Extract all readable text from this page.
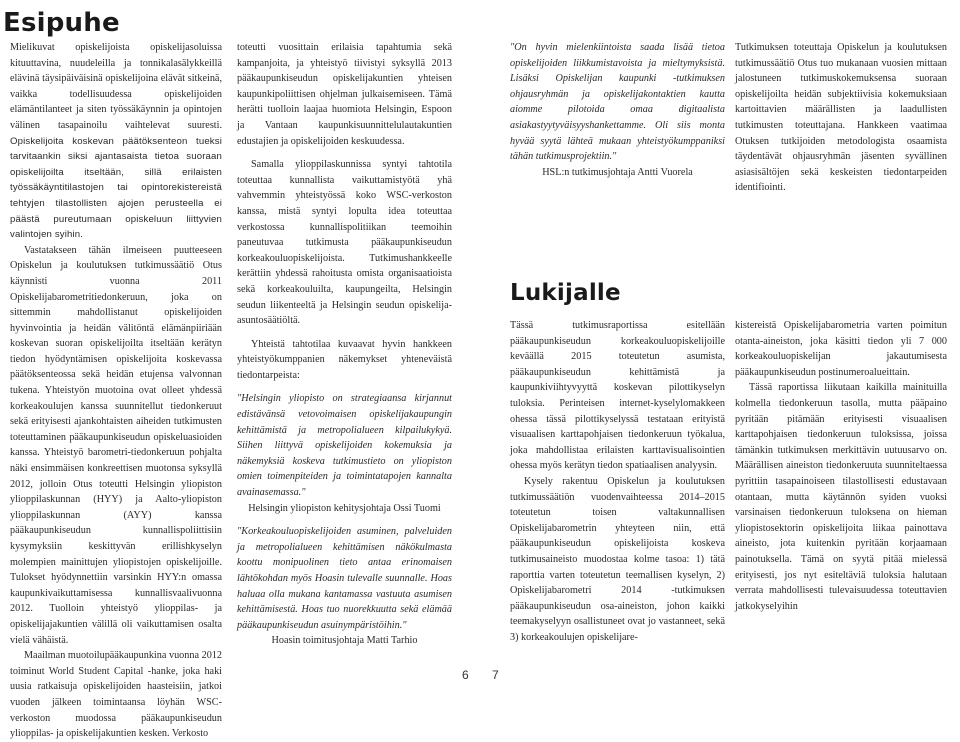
Esipuhe
Lukijalle

Mielikuvat opiskelijoista opiskelijasoluissa kituuttavina, nuudeleilla ja tonnikalasälykkeillä elävinä täysipäiväisinä opiskelijoina elävät sitkeinä, vaikka todellisuudessa opiskelijoiden elämäntilanteet ja siten työssäkäynnin ja opintojen välinen tasapainoilu vaihtelevat suuresti. Opiskelijoita koskevan päätöksenteon tueksi tarvitaankin siksi ajantasaista tietoa suoraan opiskelijoilta itseltään, sillä erilaisten työssäkäyntitilastojen tai opintorekistereistä tehtyjen tilastollisten ajojen perusteella ei päästä pureutumaan opiskeluun liittyvien valintojen syihin.

Vastatakseen tähän ilmeiseen puutteeseen Opiskelun ja koulutuksen tutkimussäätiö Otus käynnisti vuonna 2011 Opiskelijabarometritiedonkeruun, joka on sittemmin mahdollistanut opiskelijoiden hyvinvointia ja heidän välitöntä elämänpiiriään koskevan suoran opiskelijoilta itseltään kerätyn tiedon hyödyntämisen opiskelijoita koskevassa päätöksenteossa sekä heidän etujensa valvonnan tukena. Yhteistyön muotoina ovat olleet yhdessä korkeakoulujen kanssa suunnitellut tiedonkeruut sekä erityisesti ajankohtaisten aiheiden tutkimusten toteuttaminen pääkaupunkiseudun opiskeluasioiden kanssa. Yhteistyö barometri-tiedonkeruun pohjalta näki ensimmäisen konkreettisen muotonsa syksyllä 2012, jolloin Otus toteutti Helsingin yliopiston ylioppilaskunnan (HYY) ja Aalto-yliopiston ylioppilaskunnan (AYY) kanssa pääkaupunkiseudun kunnallispoliittisiin kysymyksiin keskittyvän erillishkyselyn molempien mainittujen yliopistojen opiskelijoille. Tulokset hyödynnettiin varsinkin HYY:n omassa kaupunkivaikuttamisessa kunnallisvaalivuonna 2012. Tuolloin yhteistyö ylioppilas- ja opiskelijajakuntien välillä oli vaikuttamisen osalta vielä vähäistä.

Maailman muotoilupääkaupunkina vuonna 2012 toiminut World Student Capital -hanke, joka haki uusia ratkaisuja opiskelijoiden haasteisiin, jatkoi vuoden jälkeen toimintaansa löyhän WSC-verkoston muodossa pääkaupunkiseudun ylioppilas- ja opiskelijakuntien kesken. Verkosto

toteutti vuosittain erilaisia tapahtumia sekä kampanjoita, ja yhteistyö tiivistyi syksyllä 2013 pääkaupunkiseudun opiskelijakuntien yhteisen kaupunkipoliittisen ohjelman julkaisemiseen. Tämä herätti tuolloin laajaa huomiota Helsingin, Espoon ja Vantaan kaupunkisuunnittelulautakuntien edustajien ja opiskelijoiden keskuudessa.

Samalla ylioppilaskunnissa syntyi tahtotila toteuttaa kunnallista vaikuttamistyötä yhä vahvemmin yhteistyössä koko WSC-verkoston kanssa, mistä syntyi lopulta idea toteuttaa verkostossa kunnallispolitiikan teemoihin paneutuvaa tutkimusta pääkaupunkiseudun korkeakouluopiskelijoista. Tutkimushankkeelle kerättiin yhdessä rahoitusta omista organisaatioista sekä korkeakouluilta, kaupungeilta, Helsingin seudun liikenteeltä ja Helsingin seudun opiskelija-asuntosäätiöltä.

Yhteistä tahtotilaa kuvaavat hyvin hankkeen yhteistyökumppanien näkemykset yhteneväistä tiedontarpeista:

"Helsingin yliopisto on strategiaansa kirjannut edistävänsä vetovoimaisen opiskelijakaupungin kehittämistä ja metropolialueen kilpailukykyä. Siihen liittyvä opiskelijoiden kokemuksia ja näkemyksiä koskeva tutkimustieto on yliopiston omien toimenpiteiden ja toimintatapojen kannalta avainasemassa."

Helsingin yliopiston kehitysjohtaja Ossi Tuomi

"Korkeakouluopiskelijoiden asuminen, palveluiden ja metropolialueen kehittämisen näkökulmasta koottu monipuolinen tieto antaa erinomaisen lähtökohdan myös Hoasin tulevalle suunnalle. Hoas haluaa olla mukana kantamassa vastuuta asumisen kehittämisestä. Hoas tuo nuorekkuutta sekä elämää pääkaupunkiseudun asuinympäristöihin."

Hoasin toimitusjohtaja Matti Tarhio

"On hyvin mielenkiintoista saada lisää tietoa opiskelijoiden liikkumistavoista ja mieltymyksistä. Lisäksi Opiskelijan kaupunki -tutkimuksen ohjausryhmän ja opiskelijakontaktien kautta aiomme pilotoida omaa digitaalista asiakastyytyväisyyshankettamme. Oli siis monta hyvää syytä lähteä mukaan yhteistyökumppaniksi tähän tutkimusprojektiin."

HSL:n tutkimusjohtaja Antti Vuorela

Tässä tutkimusraportissa esitellään pääkaupunkiseudun korkeakouluopiskelijoille keväällä 2015 toteutetun asumista, pääkaupunkiseudun kehittämistä ja kaupunkiviihtyvyyttä koskevan pilottikyselyn tuloksia. Perinteisen internet-kyselylomakkeen ohessa tässä pilottikyselyssä testataan erityistä visuaalisen karttapohjaisen tiedonkeruun työkalua, joka mahdollistaa erilaisten karttavisualisointien ohessa myös kerätyn tiedon spatiaalisen analyysin.

Kysely rakentuu Opiskelun ja koulutuksen tutkimussäätiön vuodenvaihteessa 2014–2015 toteutetun toisen valtakunnallisen Opiskelijabarometrin yhteyteen niin, että pääkaupunkiseudun opiskelijoista koskeva tutkimusaineisto muodostaa kolme tasoa: 1) tätä raporttia varten toteutetun teemallisen kyselyn, 2) Opiskelijabarometri 2014 -tutkimuksen pääkaupunkiseudun osa-aineiston, johon kaikki teemakyselyyn osallistuneet ovat jo vastanneet, sekä 3) korkeakoulujen opiskelijare-

Tutkimuksen toteuttaja Opiskelun ja koulutuksen tutkimussäätiö Otus tuo mukanaan vuosien mittaan jalostuneen tutkimuskokemuksensa suoraan opiskelijoilta heidän subjektiivisia kokemuksiaan kartoittavien määrällisten ja laadullisten tutkimusten toteuttajana. Hankkeen vaatimaa Otuksen tutkijoiden metodologista osaamista täydentävät ohjausryhmän jäsenten syvällinen asiasisältöjen sekä keskeisten tiedontarpeiden identifiointi.

kistereistä Opiskelijabarometria varten poimitun otanta-aineiston, joka käsitti tiedon yli 7 000 korkeakouluopiskelijan jakautumisesta pääkaupunkiseudun postinumeroalueittain.

Tässä raportissa liikutaan kaikilla mainituilla kolmella tiedonkeruun tasolla, mutta pääpaino pyritään pitämään erityisesti visuaalisen karttapohjaisen tiedonkeruun tuloksissa, joissa tämänkin tutkimuksen merkittävin uutuusarvo on. Määrällisen aineiston tiedonkeruuta suunniteltaessa pyrittiin tasapainoiseen tilastollisesti edustavaan otantaan, mutta käytännön syiden vuoksi varsinaisen tiedonkeruun tuloksena on hieman yliopistosektorin opiskelijoita liikaa painottava aineisto, jota kuitenkin pyritään korjaamaan painotuksella. Tämä on syytä pitää mielessä erityisesti, jos nyt esiteltäviä tuloksia halutaan verrata mahdollisesti tulevaisuudessa toteuttavien jatkokyselyihin

6 7
